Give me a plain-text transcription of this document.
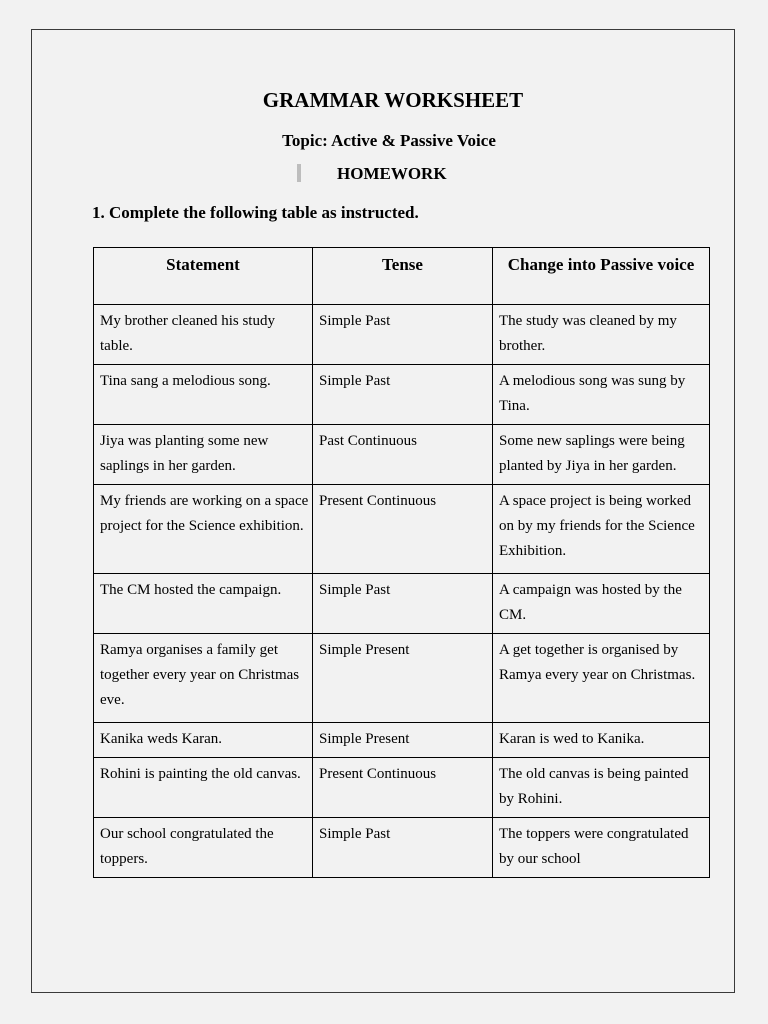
GRAMMAR WORKSHEET
Topic: Active & Passive Voice
HOMEWORK
1. Complete the following table as instructed.
Statement	Tense	Change into Passive voice
My brother cleaned his study table.	Simple Past	The study was cleaned by my brother.
Tina sang a melodious song.	Simple Past	A melodious song was sung by Tina.
Jiya was planting some new saplings in her garden.	Past Continuous	Some new saplings were being planted by Jiya in her garden.
My friends are working on a space project for the Science exhibition.	Present Continuous	A space project is being worked on by my friends for the Science Exhibition.
The CM hosted the campaign.	Simple Past	A campaign was hosted by the CM.
Ramya organises a family get together every year on Christmas eve.	Simple Present	A get together is organised by Ramya every year on Christmas.
Kanika weds Karan.	Simple Present	Karan is wed to Kanika.
Rohini is painting the old canvas.	Present Continuous	The old canvas is being painted by Rohini.
Our school congratulated the toppers.	Simple Past	The toppers were congratulated by our school
